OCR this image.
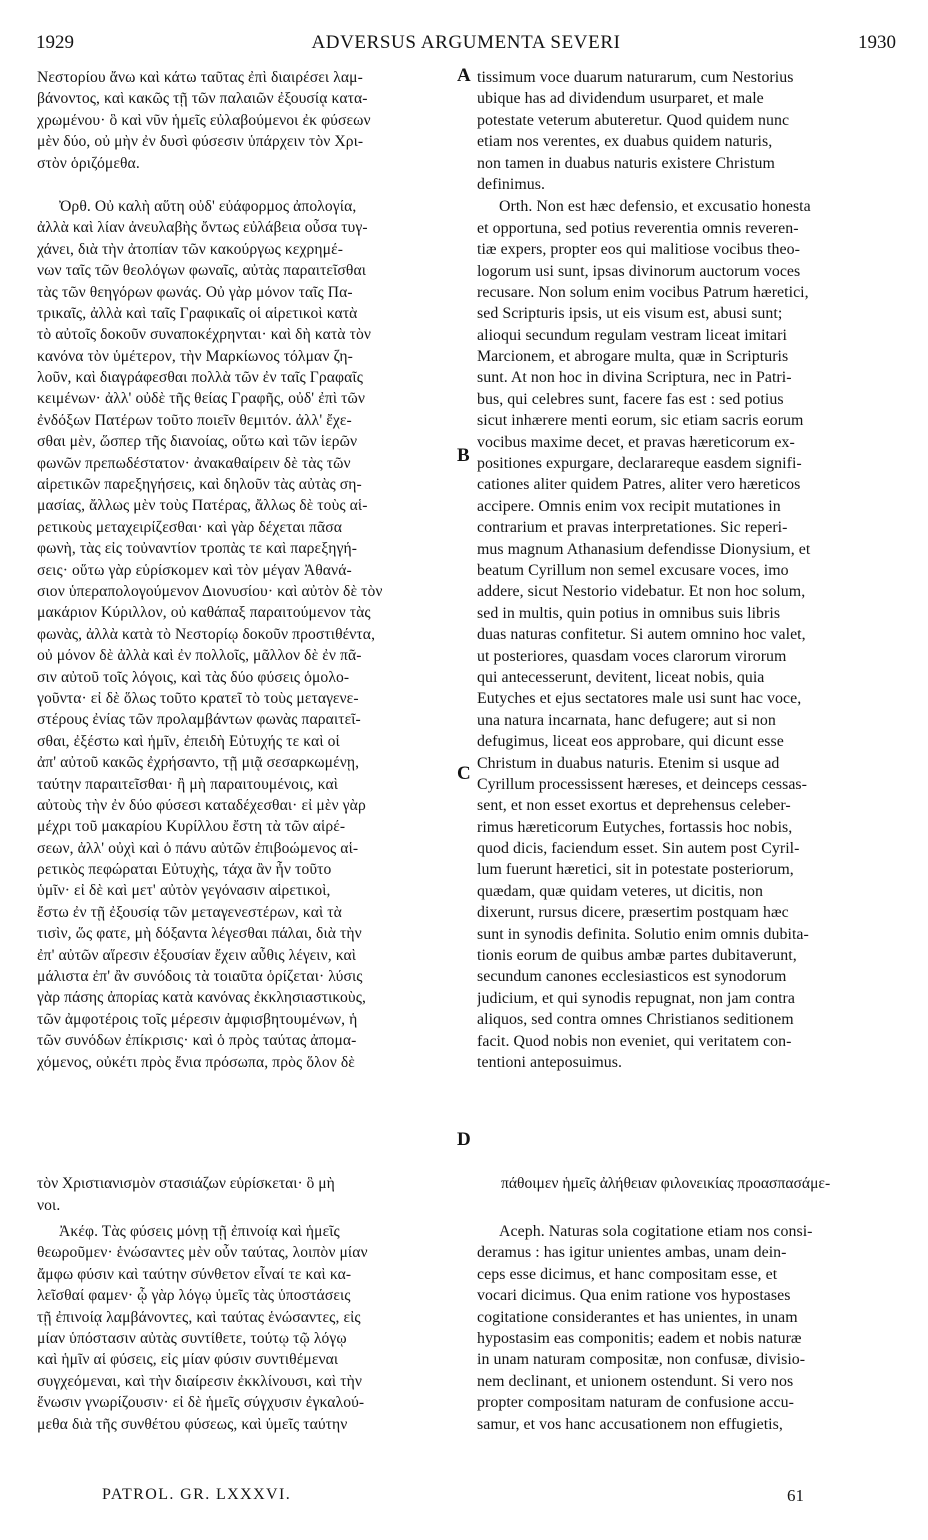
1929	ADVERSUS ARGUMENTA SEVERI	1930
A
B
C
D
Νεστορίου ἄνω καὶ κάτω ταῦτας ἐπὶ διαιρέσει λαμ-
βάνοντος, καὶ κακῶς τῇ τῶν παλαιῶν ἐξουσίᾳ κατα-
χρωμένου· ὃ καὶ νῦν ἡμεῖς εὐλαβούμενοι ἐκ φύσεων
μὲν δύο, οὐ μὴν ἐν δυσὶ φύσεσιν ὑπάρχειν τὸν Χρι-
στὸν ὁριζόμεθα.
Ὀρθ. Οὐ καλὴ αὕτη οὐδ' εὐάφορμος ἀπολογία,
ἀλλὰ καὶ λίαν ἀνευλαβὴς ὄντως εὐλάβεια οὖσα τυγ-
χάνει, διὰ τὴν ἀτοπίαν τῶν κακούργως κεχρημέ-
νων ταῖς τῶν θεολόγων φωναῖς, αὐτὰς παραιτεῖσθαι
τὰς τῶν θεηγόρων φωνάς. Οὐ γὰρ μόνον ταῖς Πα-
τρικαῖς, ἀλλὰ καὶ ταῖς Γραφικαῖς οἱ αἱρετικοὶ κατὰ
τὸ αὐτοῖς δοκοῦν συναποκέχρηνται· καὶ δὴ κατὰ τὸν
κανόνα τὸν ὑμέτερον, τὴν Μαρκίωνος τόλμαν ζη-
λοῦν, καὶ διαγράφεσθαι πολλὰ τῶν ἐν ταῖς Γραφαῖς
κειμένων· ἀλλ' οὐδὲ τῆς θείας Γραφῆς, οὐδ' ἐπὶ τῶν
ἐνδόξων Πατέρων τοῦτο ποιεῖν θεμιτόν. ἀλλ' ἔχε-
σθαι μὲν, ὥσπερ τῆς διανοίας, οὕτω καὶ τῶν ἱερῶν
φωνῶν πρεπωδέστατον· ἀνακαθαίρειν δὲ τὰς τῶν
αἱρετικῶν παρεξηγήσεις, καὶ δηλοῦν τὰς αὐτὰς ση-
μασίας, ἄλλως μὲν τοὺς Πατέρας, ἄλλως δὲ τοὺς αἱ-
ρετικοὺς μεταχειρίζεσθαι· καὶ γὰρ δέχεται πᾶσα
φωνὴ, τὰς εἰς τοὐναντίον τροπὰς τε καὶ παρεξηγή-
σεις· οὕτω γὰρ εὑρίσκομεν καὶ τὸν μέγαν Ἀθανά-
σιον ὑπεραπολογούμενον Διονυσίου· καὶ αὐτὸν δὲ τὸν
μακάριον Κύριλλον, οὐ καθάπαξ παραιτούμενον τὰς
φωνὰς, ἀλλὰ κατὰ τὸ Νεστορίῳ δοκοῦν προστιθέντα,
οὐ μόνον δὲ ἀλλὰ καὶ ἐν πολλοῖς, μᾶλλον δὲ ἐν πᾶ-
σιν αὐτοῦ τοῖς λόγοις, καὶ τὰς δύο φύσεις ὁμολο-
γοῦντα· εἰ δὲ ὅλως τοῦτο κρατεῖ τὸ τοὺς μεταγενε-
στέρους ἐνίας τῶν προλαμβάντων φωνὰς παραιτεῖ-
σθαι, ἐξέστω καὶ ἡμῖν, ἐπειδὴ Εὐτυχής τε καὶ οἱ
ἀπ' αὐτοῦ κακῶς ἐχρήσαντο, τῇ μιᾷ σεσαρκωμένῃ,
ταύτην παραιτεῖσθαι· ἢ μὴ παραιτουμένοις, καὶ
αὐτοὺς τὴν ἐν δύο φύσεσι καταδέχεσθαι· εἰ μὲν γὰρ
μέχρι τοῦ μακαρίου Κυρίλλου ἔστη τὰ τῶν αἱρέ-
σεων, ἀλλ' οὐχὶ καὶ ὁ πάνυ αὐτῶν ἐπιβοώμενος αἱ-
ρετικὸς πεφώραται Εὐτυχὴς, τάχα ἂν ἦν τοῦτο
ὑμῖν· εἰ δὲ καὶ μετ' αὐτὸν γεγόνασιν αἱρετικοὶ,
ἔστω ἐν τῇ ἐξουσίᾳ τῶν μεταγενεστέρων, καὶ τὰ
τισὶν, ὥς φατε, μὴ δόξαντα λέγεσθαι πάλαι, διὰ τὴν
ἐπ' αὐτῶν αἵρεσιν ἐξουσίαν ἔχειν αὖθις λέγειν, καὶ
μάλιστα ἐπ' ἂν συνόδοις τὰ τοιαῦτα ὁρίζεται· λύσις
γὰρ πάσης ἀπορίας κατὰ κανόνας ἐκκλησιαστικοὺς,
τῶν ἀμφοτέροις τοῖς μέρεσιν ἀμφισβητουμένων, ἡ
τῶν συνόδων ἐπίκρισις· καὶ ὁ πρὸς ταύτας ἀπομα-
χόμενος, οὐκέτι πρὸς ἔνια πρόσωπα, πρὸς ὅλον δὲ
tissimum voce duarum naturarum, cum Nestorius
ubique has ad dividendum usurparet, et male
potestate veterum abuteretur. Quod quidem nunc
etiam nos verentes, ex duabus quidem naturis,
non tamen in duabus naturis existere Christum
definimus.
Orth. Non est hæc defensio, et excusatio honesta
et opportuna, sed potius reverentia omnis reveren-
tiæ expers, propter eos qui malitiose vocibus theo-
logorum usi sunt, ipsas divinorum auctorum voces
recusare. Non solum enim vocibus Patrum hæretici,
sed Scripturis ipsis, ut eis visum est, abusi sunt;
alioqui secundum regulam vestram liceat imitari
Marcionem, et abrogare multa, quæ in Scripturis
sunt. At non hoc in divina Scriptura, nec in Patri-
bus, qui celebres sunt, facere fas est : sed potius
sicut inhærere menti eorum, sic etiam sacris eorum
vocibus maxime decet, et pravas hæreticorum ex-
positiones expurgare, declarareque easdem signifi-
cationes aliter quidem Patres, aliter vero hæreticos
accipere. Omnis enim vox recipit mutationes in
contrarium et pravas interpretationes. Sic reperi-
mus magnum Athanasium defendisse Dionysium, et
beatum Cyrillum non semel excusare voces, imo
addere, sicut Nestorio videbatur. Et non hoc solum,
sed in multis, quin potius in omnibus suis libris
duas naturas confitetur. Si autem omnino hoc valet,
ut posteriores, quasdam voces clarorum virorum
qui antecesserunt, devitent, liceat nobis, quia
Eutyches et ejus sectatores male usi sunt hac voce,
una natura incarnata, hanc defugere; aut si non
defugimus, liceat eos approbare, qui dicunt esse
Christum in duabus naturis. Etenim si usque ad
Cyrillum processissent hæreses, et deinceps cessas-
sent, et non esset exortus et deprehensus celeber-
rimus hæreticorum Eutyches, fortassis hoc nobis,
quod dicis, faciendum esset. Sin autem post Cyril-
lum fuerunt hæretici, sit in potestate posteriorum,
quædam, quæ quidam veteres, ut dicitis, non
dixerunt, rursus dicere, præsertim postquam hæc
sunt in synodis definita. Solutio enim omnis dubita-
tionis eorum de quibus ambæ partes dubitaverunt,
secundum canones ecclesiasticos est synodorum
judicium, et qui synodis repugnat, non jam contra
aliquos, sed contra omnes Christianos seditionem
facit. Quod nobis non eveniet, qui veritatem con-
tentioni anteposuimus.
τὸν Χριστιανισμὸν στασιάζων εὑρίσκεται· ὃ μὴ	πάθοιμεν ἡμεῖς ἀλήθειαν φιλονεικίας προασπασάμε-
νοι.
Ἀκέφ. Τὰς φύσεις μόνῃ τῇ ἐπινοίᾳ καὶ ἡμεῖς
θεωροῦμεν· ἑνώσαντες μὲν οὖν ταύτας, λοιπὸν μίαν
ἄμφω φύσιν καὶ ταύτην σύνθετον εἶναί τε καὶ κα-
λεῖσθαί φαμεν· ᾧ γὰρ λόγῳ ὑμεῖς τὰς ὑποστάσεις
τῇ ἐπινοίᾳ λαμβάνοντες, καὶ ταύτας ἑνώσαντες, εἰς
μίαν ὑπόστασιν αὐτὰς συντίθετε, τούτῳ τῷ λόγῳ
καὶ ἡμῖν αἱ φύσεις, εἰς μίαν φύσιν συντιθέμεναι
συγχεόμεναι, καὶ τὴν διαίρεσιν ἐκκλίνουσι, καὶ τὴν
ἕνωσιν γνωρίζουσιν· εἰ δὲ ἡμεῖς σύγχυσιν ἐγκαλού-
μεθα διὰ τῆς συνθέτου φύσεως, καὶ ὑμεῖς ταύτην
Aceph. Naturas sola cogitatione etiam nos consi-
deramus : has igitur unientes ambas, unam dein-
ceps esse dicimus, et hanc compositam esse, et
vocari dicimus. Qua enim ratione vos hypostases
cogitatione considerantes et has unientes, in unam
hypostasim eas componitis; eadem et nobis naturæ
in unam naturam compositæ, non confusæ, divisio-
nem declinant, et unionem ostendunt. Si vero nos
propter compositam naturam de confusione accu-
samur, et vos hanc accusationem non effugietis,
PATROL. GR. LXXXVI.	61
